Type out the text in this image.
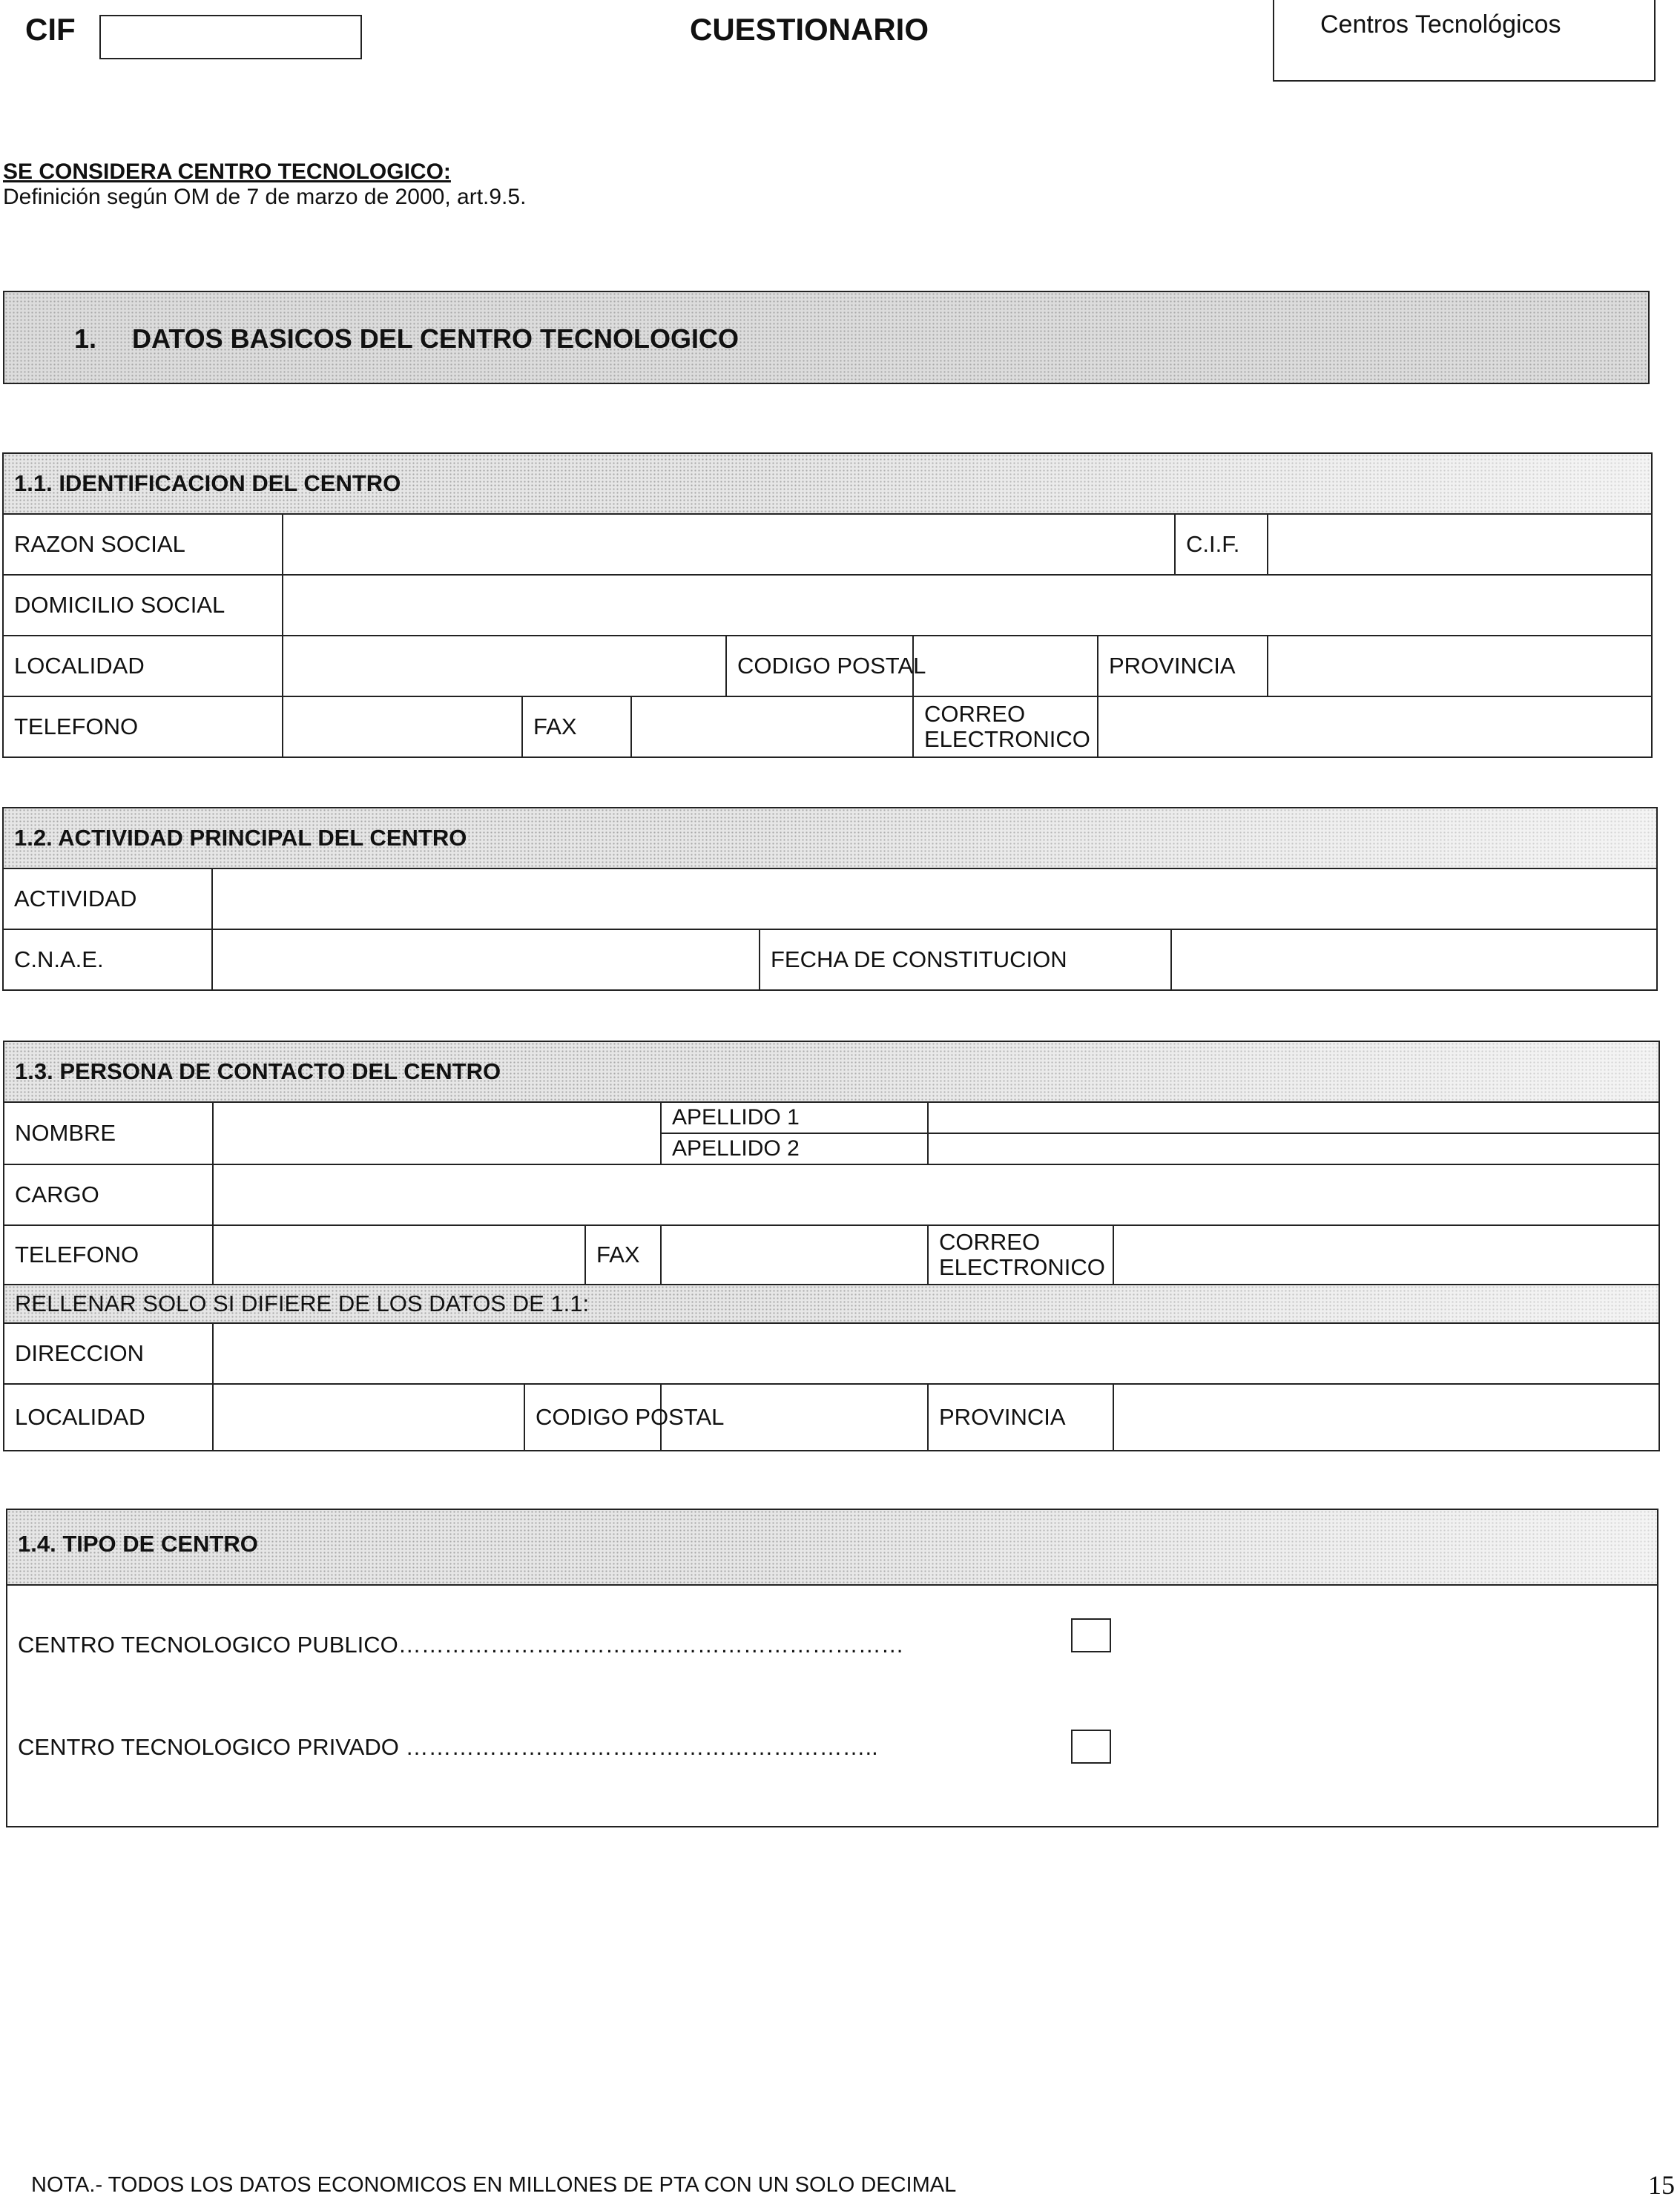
CIF	CUESTIONARIO	Centros Tecnológicos
SE CONSIDERA CENTRO TECNOLOGICO:
Definición según OM de 7 de marzo de 2000, art.9.5.
1. DATOS BASICOS DEL CENTRO TECNOLOGICO
1.1. IDENTIFICACION DEL CENTRO								
RAZON SOCIAL							C.I.F.	
DOMICILIO SOCIAL								
LOCALIDAD				CODIGO POSTAL		PROVINCIA		
TELEFONO		FAX			CORREO
ELECTRONICO			

1.2. ACTIVIDAD PRINCIPAL DEL CENTRO			
ACTIVIDAD			
C.N.A.E.		FECHA DE CONSTITUCION	
1.3. PERSONA DE CONTACTO DEL CENTRO						
NOMBRE				APELLIDO 1		
				APELLIDO 2		
CARGO						
TELEFONO			FAX		CORREO
ELECTRONICO	

RELLENAR SOLO SI DIFIERE DE LOS DATOS DE 1.1:						
DIRECCION						
LOCALIDAD		CODIGO POSTAL			PROVINCIA	
1.4. TIPO DE CENTRO
CENTRO TECNOLOGICO PUBLICO…………………………………………………………
CENTRO TECNOLOGICO PRIVADO ……………………………………………………..
NOTA.- TODOS LOS DATOS ECONOMICOS EN MILLONES DE PTA CON UN SOLO DECIMAL	15
